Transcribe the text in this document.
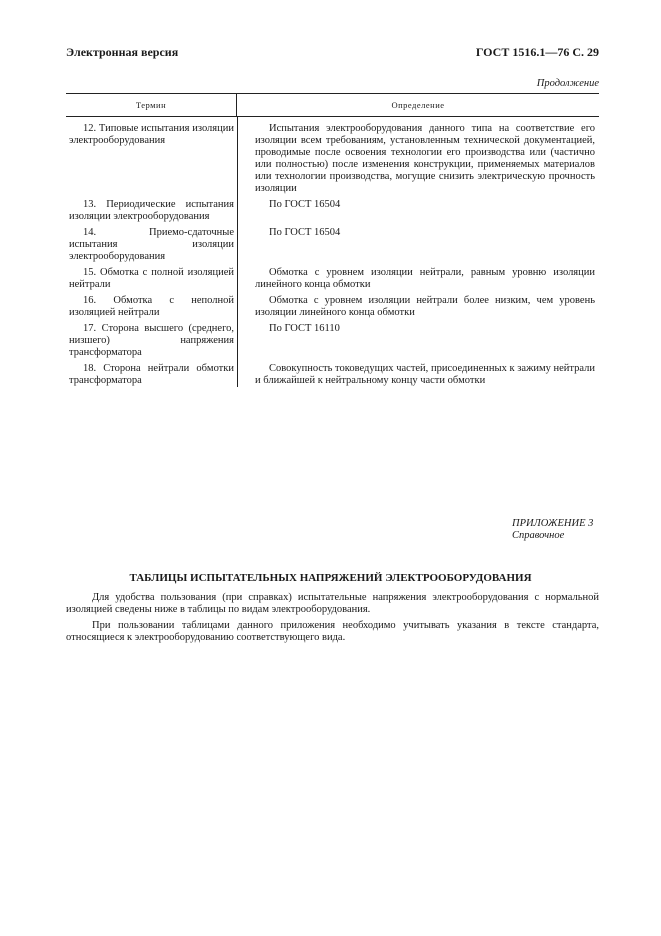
Электронная версия	ГОСТ 1516.1—76 С. 29
Продолжение
Термин	Определение
12. Типовые испытания изоляции электрооборудования
Испытания электрооборудования данного типа на соответствие его изоляции всем требованиям, установленным технической документацией, проводимые после освоения технологии его производства или (частично или полностью) после изменения конструкции, применяемых материалов или технологии производства, могущие снизить электрическую прочность изоляции
13. Периодические испытания изоляции электрооборудования
По ГОСТ 16504
14. Приемо-сдаточные испытания изоляции электрооборудования
По ГОСТ 16504
15. Обмотка с полной изоляцией нейтрали
Обмотка с уровнем изоляции нейтрали, равным уровню изоляции линейного конца обмотки
16. Обмотка с неполной изоляцией нейтрали
Обмотка с уровнем изоляции нейтрали более низким, чем уровень изоляции линейного конца обмотки
17. Сторона высшего (среднего, низшего) напряжения трансформатора
По ГОСТ 16110
18. Сторона нейтрали обмотки трансформатора
Совокупность токоведущих частей, присоединенных к зажиму нейтрали и ближайшей к нейтральному концу части обмотки
ПРИЛОЖЕНИЕ 3
Справочное
ТАБЛИЦЫ ИСПЫТАТЕЛЬНЫХ НАПРЯЖЕНИЙ ЭЛЕКТРООБОРУДОВАНИЯ
Для удобства пользования (при справках) испытательные напряжения электрооборудования с нормальной изоляцией сведены ниже в таблицы по видам электрооборудования.
При пользовании таблицами данного приложения необходимо учитывать указания в тексте стандарта, относящиеся к электрооборудованию соответствующего вида.
